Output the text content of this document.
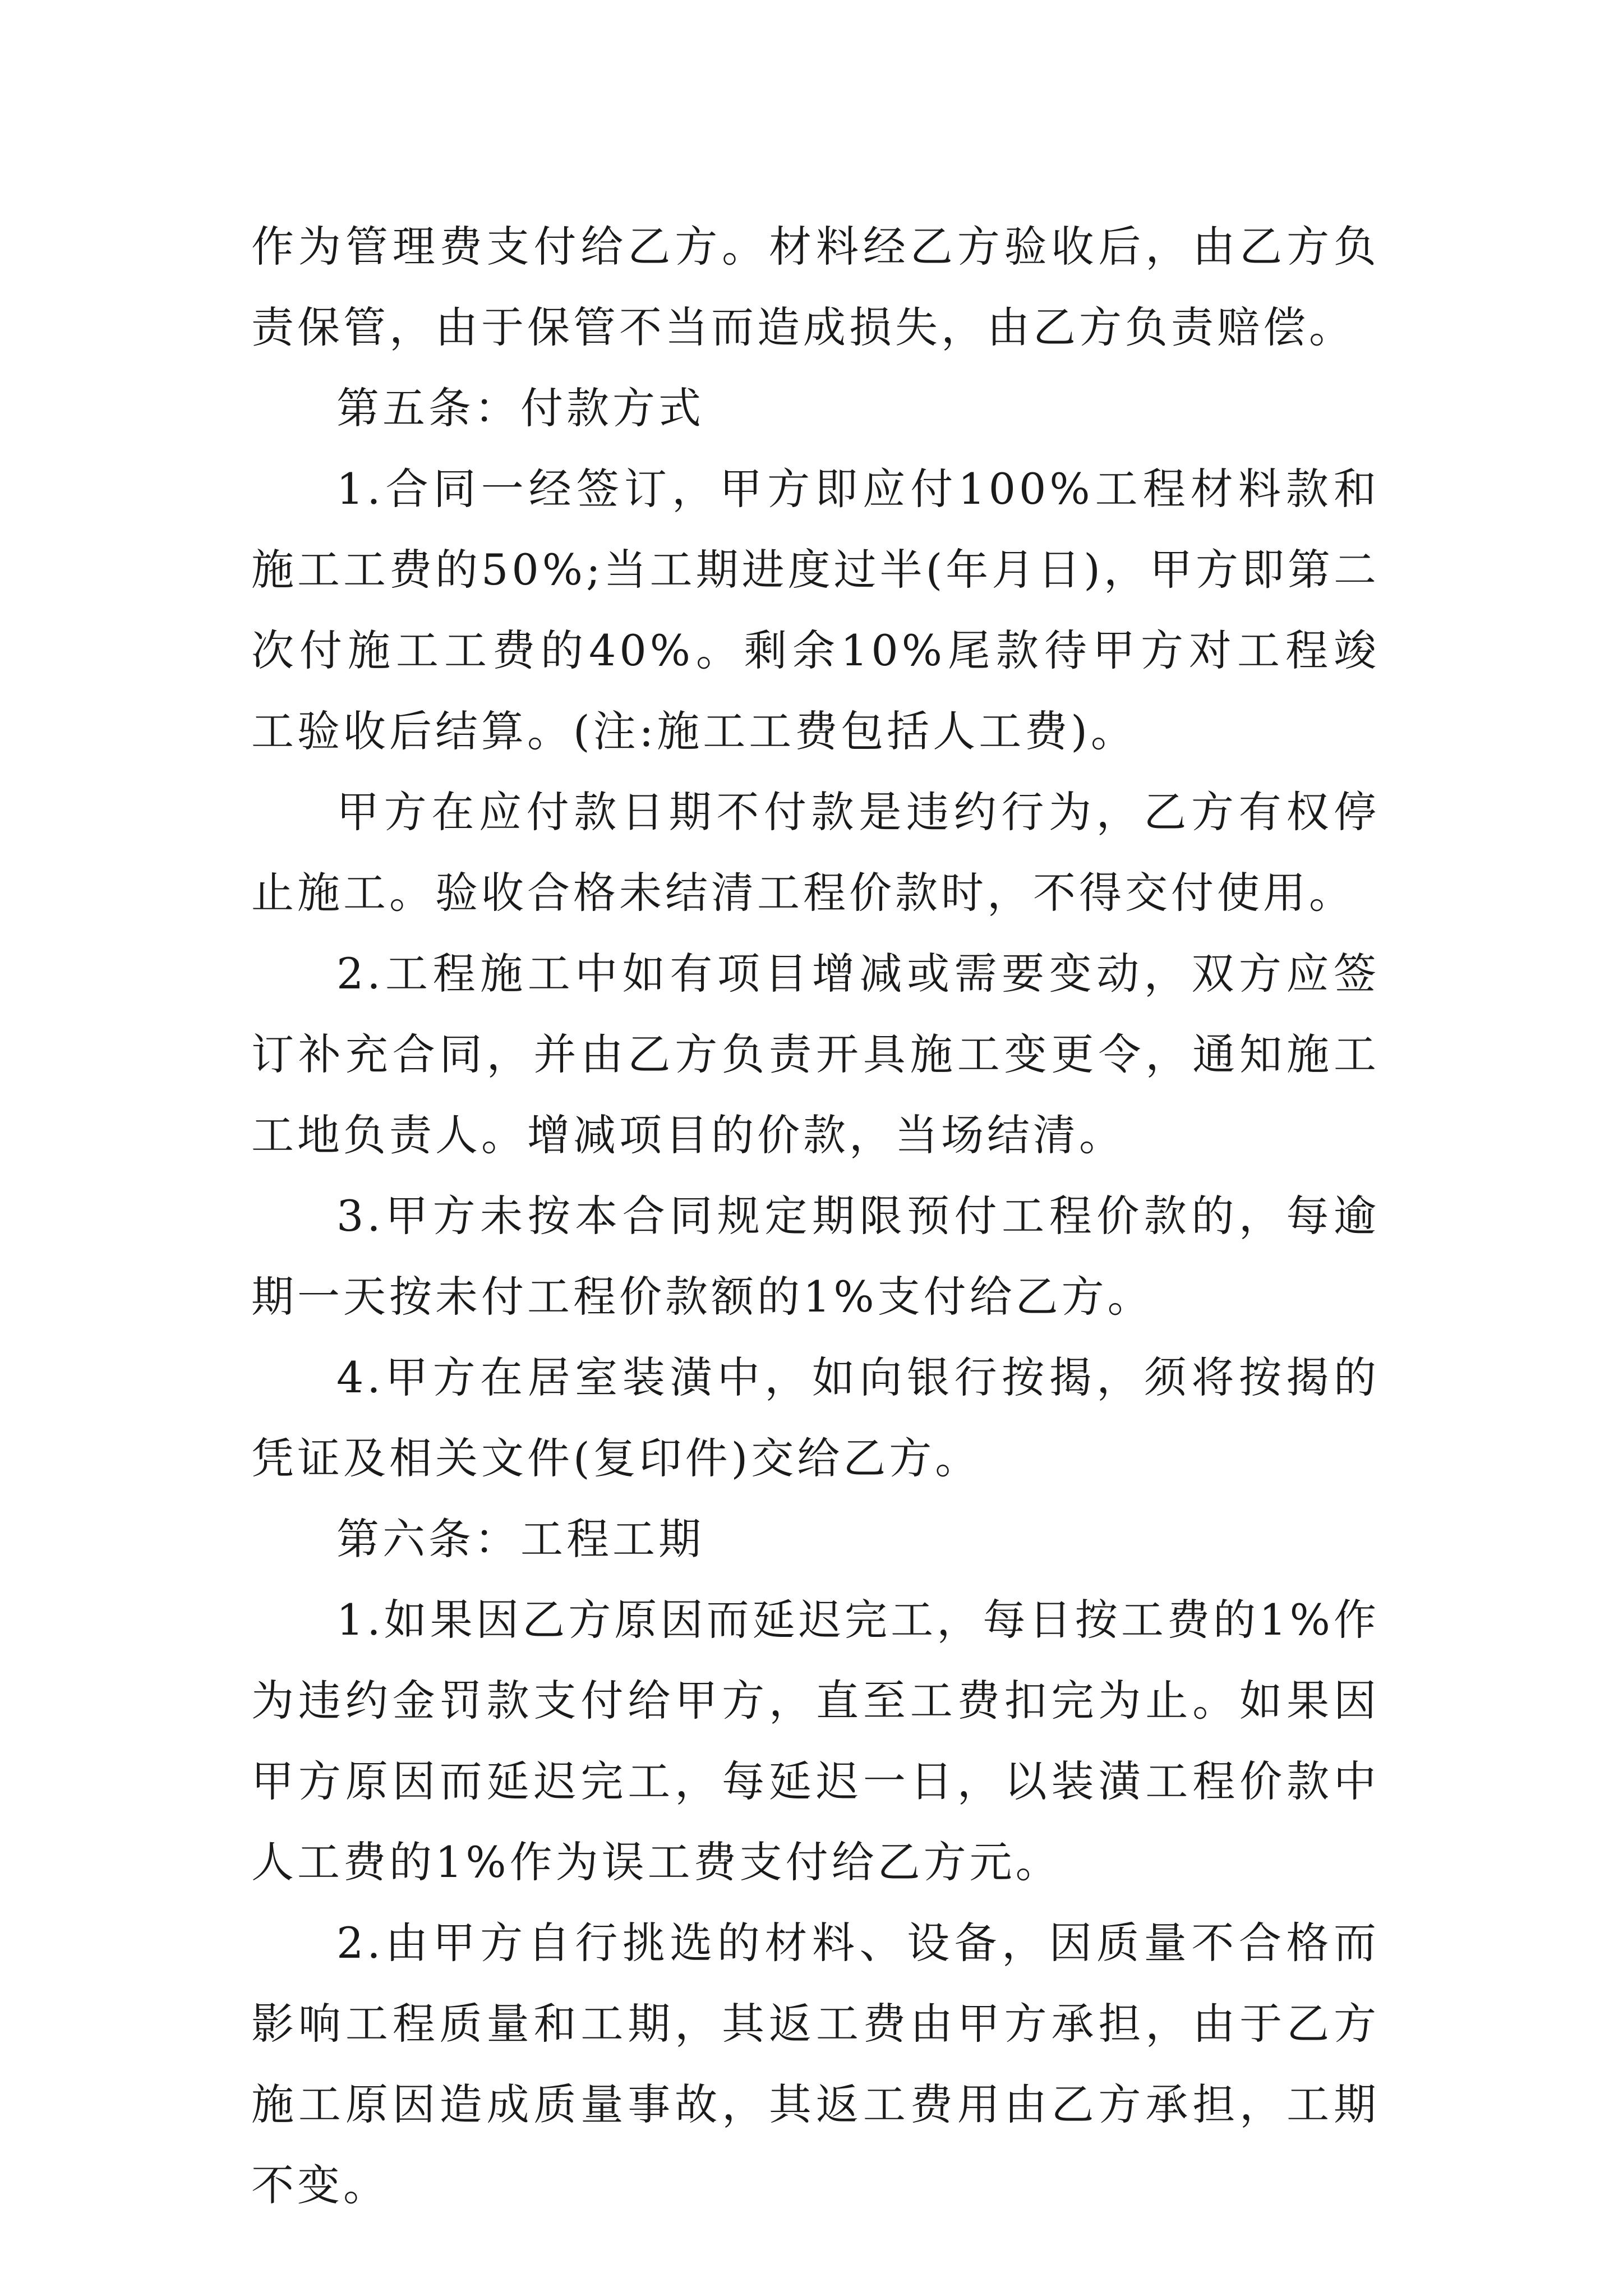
作为管理费支付给乙方。材料经乙方验收后，由乙方负责保管，由于保管不当而造成损失，由乙方负责赔偿。

第五条：付款方式

1.合同一经签订，甲方即应付100%工程材料款和施工工费的50%;当工期进度过半(年月日)，甲方即第二次付施工工费的40%。剩余10%尾款待甲方对工程竣工验收后结算。(注:施工工费包括人工费)。

甲方在应付款日期不付款是违约行为，乙方有权停止施工。验收合格未结清工程价款时，不得交付使用。

2.工程施工中如有项目增减或需要变动，双方应签订补充合同，并由乙方负责开具施工变更令，通知施工工地负责人。增减项目的价款，当场结清。

3.甲方未按本合同规定期限预付工程价款的，每逾期一天按未付工程价款额的1%支付给乙方。

4.甲方在居室装潢中，如向银行按揭，须将按揭的凭证及相关文件(复印件)交给乙方。

第六条：工程工期

1.如果因乙方原因而延迟完工，每日按工费的1%作为违约金罚款支付给甲方，直至工费扣完为止。如果因甲方原因而延迟完工，每延迟一日，以装潢工程价款中人工费的1%作为误工费支付给乙方元。

2.由甲方自行挑选的材料、设备，因质量不合格而影响工程质量和工期，其返工费由甲方承担，由于乙方施工原因造成质量事故，其返工费用由乙方承担，工期不变。
